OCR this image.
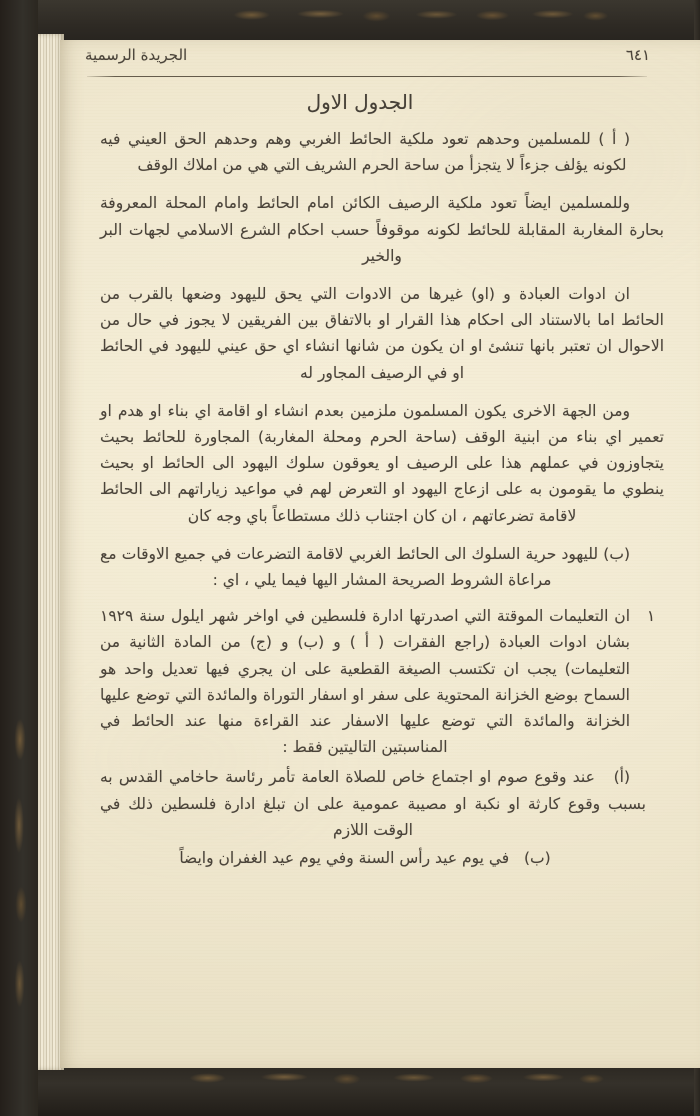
٦٤١
الجريدة الرسمية
الجدول الاول

( أ ) للمسلمين وحدهم تعود ملكية الحائط الغربي وهم وحدهم الحق العيني فيه لكونه يؤلف جزءاً لا يتجزأ من ساحة الحرم الشريف التي هي من املاك الوقف

وللمسلمين ايضاً تعود ملكية الرصيف الكائن امام الحائط وامام المحلة المعروفة بحارة المغاربة المقابلة للحائط لكونه موقوفاً حسب احكام الشرع الاسلامي لجهات البر والخير

ان ادوات العبادة و (او) غيرها من الادوات التي يحق لليهود وضعها بالقرب من الحائط اما بالاستناد الى احكام هذا القرار او بالاتفاق بين الفريقين لا يجوز في حال من الاحوال ان تعتبر بانها تنشئ او ان يكون من شانها انشاء اي حق عيني لليهود في الحائط او في الرصيف المجاور له

ومن الجهة الاخرى يكون المسلمون ملزمين بعدم انشاء او اقامة اي بناء او هدم او تعمير اي بناء من ابنية الوقف (ساحة الحرم ومحلة المغاربة) المجاورة للحائط بحيث يتجاوزون في عملهم هذا على الرصيف او يعوقون سلوك اليهود الى الحائط او بحيث ينطوي ما يقومون به على ازعاج اليهود او التعرض لهم في مواعيد زياراتهم الى الحائط لاقامة تضرعاتهم ، ان كان اجتناب ذلك مستطاعاً باي وجه كان

(ب) لليهود حرية السلوك الى الحائط الغربي لاقامة التضرعات في جميع الاوقات مع مراعاة الشروط الصريحة المشار اليها فيما يلي ، اي :

١
ان التعليمات الموقتة التي اصدرتها ادارة فلسطين في اواخر شهر ايلول سنة ١٩٢٩ بشان ادوات العبادة (راجع الفقرات ( أ ) و (ب) و (ج) من المادة الثانية من التعليمات) يجب ان تكتسب الصيغة القطعية على ان يجري فيها تعديل واحد هو السماح بوضع الخزانة المحتوية على سفر او اسفار التوراة والمائدة التي توضع عليها الخزانة والمائدة التي توضع عليها الاسفار عند القراءة منها عند الحائط في المناسبتين التاليتين فقط :

(أ)   عند وقوع صوم او اجتماع خاص للصلاة العامة تأمر رئاسة حاخامي القدس به بسبب وقوع كارثة او نكبة او مصيبة عمومية على ان تبلغ ادارة فلسطين ذلك في الوقت اللازم

(ب)   في يوم عيد رأس السنة وفي يوم عيد الغفران وايضاً
